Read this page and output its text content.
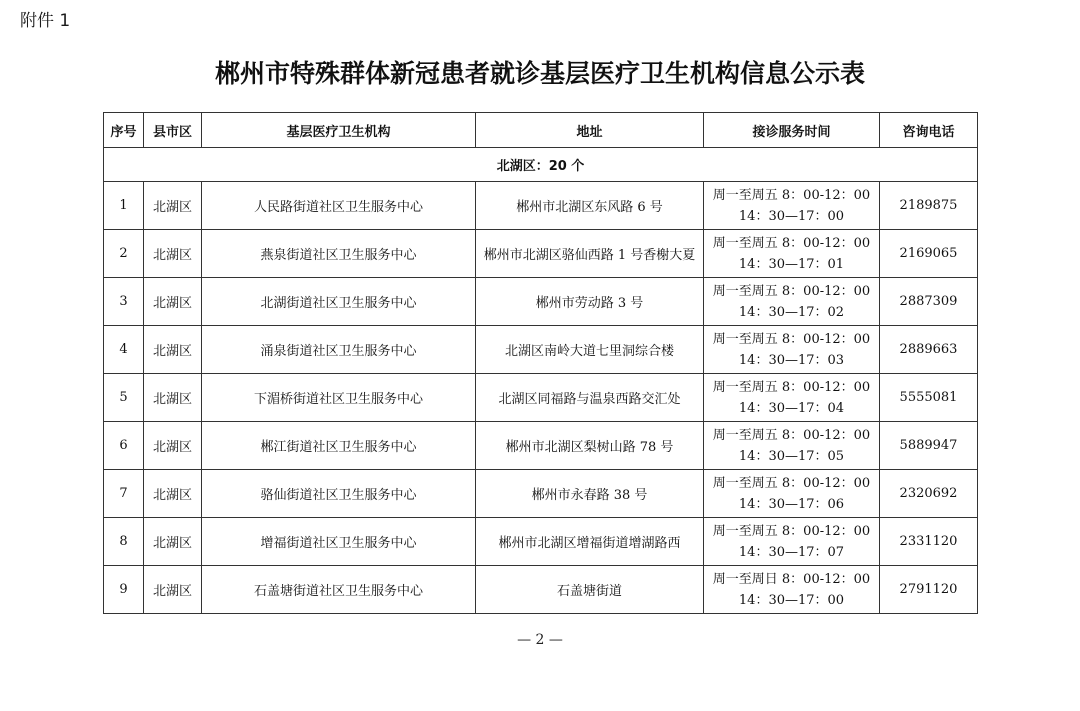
附件 1
郴州市特殊群体新冠患者就诊基层医疗卫生机构信息公示表
序号	县市区	基层医疗卫生机构	地址	接诊服务时间	咨询电话
北湖区：20 个					
1	北湖区	人民路街道社区卫生服务中心	郴州市北湖区东风路 6 号	周一至周五 8：00-12：00
14：30—17：00	2189875
2	北湖区	燕泉街道社区卫生服务中心	郴州市北湖区骆仙西路 1 号香榭大夏	周一至周五 8：00-12：00
14：30—17：01	2169065
3	北湖区	北湖街道社区卫生服务中心	郴州市劳动路 3 号	周一至周五 8：00-12：00
14：30—17：02	2887309
4	北湖区	涌泉街道社区卫生服务中心	北湖区南岭大道七里洞综合楼	周一至周五 8：00-12：00
14：30—17：03	2889663
5	北湖区	下湄桥街道社区卫生服务中心	北湖区同福路与温泉西路交汇处	周一至周五 8：00-12：00
14：30—17：04	5555081
6	北湖区	郴江街道社区卫生服务中心	郴州市北湖区梨树山路 78 号	周一至周五 8：00-12：00
14：30—17：05	5889947
7	北湖区	骆仙街道社区卫生服务中心	郴州市永春路 38 号	周一至周五 8：00-12：00
14：30—17：06	2320692
8	北湖区	增福街道社区卫生服务中心	郴州市北湖区增福街道增湖路西	周一至周五 8：00-12：00
14：30—17：07	2331120
9	北湖区	石盖塘街道社区卫生服务中心	石盖塘街道	周一至周日 8：00-12：00
14：30—17：00	2791120
— 2 —
